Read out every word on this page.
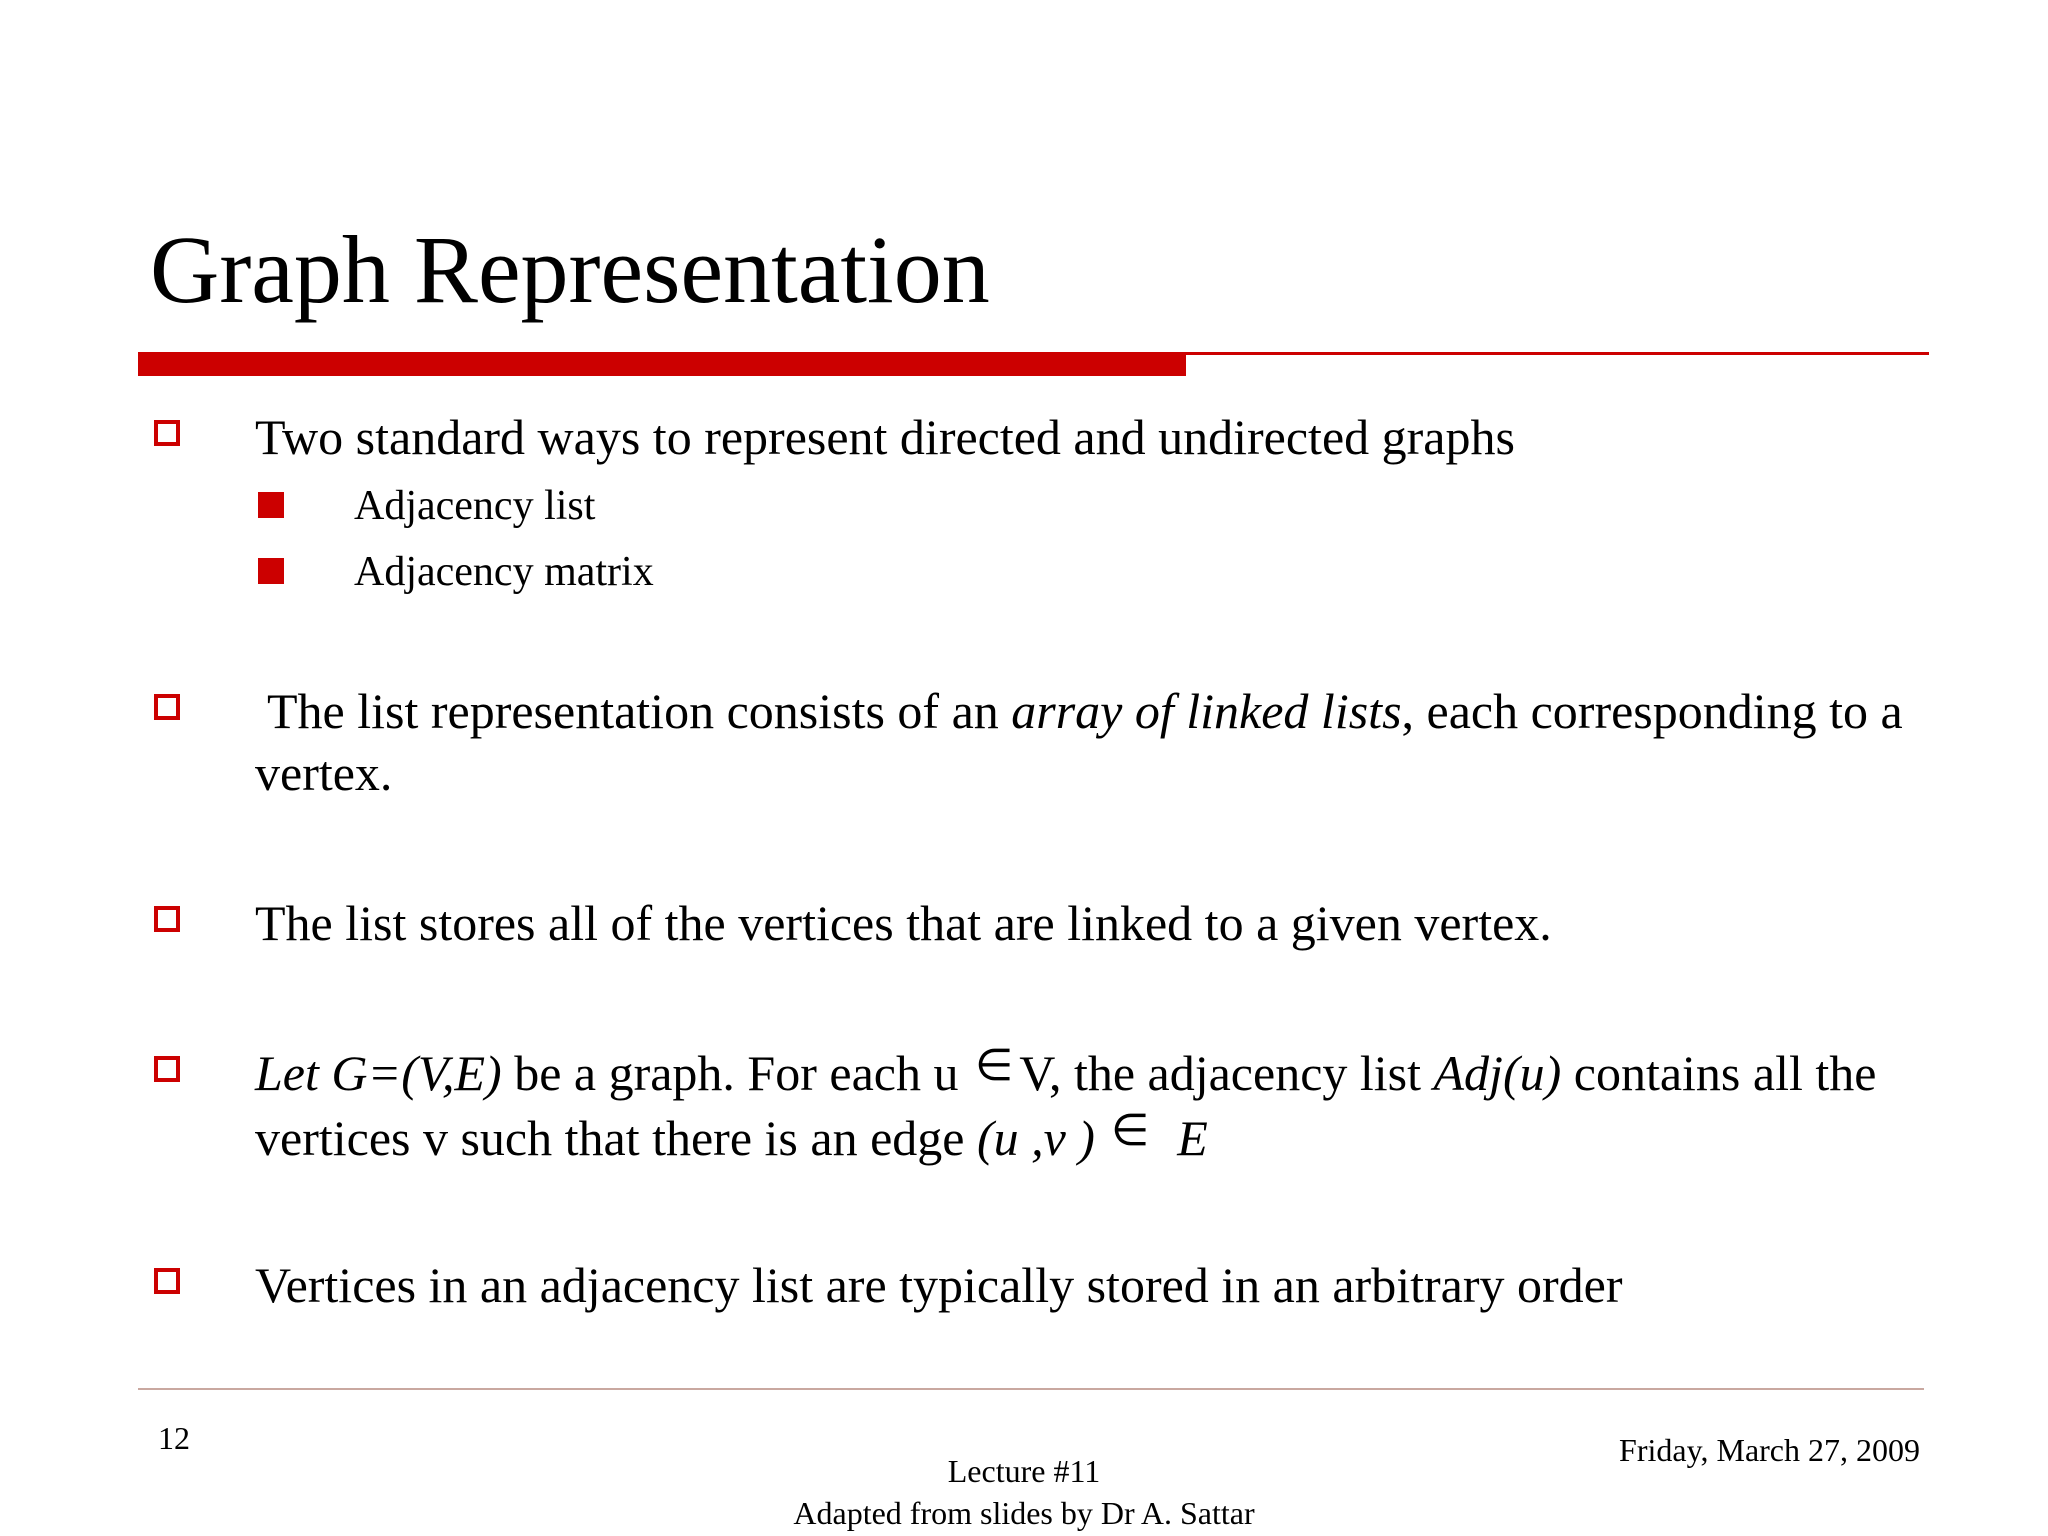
Graph Representation
Two standard ways to represent directed and undirected graphs
Adjacency list
Adjacency matrix
The list representation consists of an array of linked lists, each corresponding to a vertex.
The list stores all of the vertices that are linked to a given vertex.
Let G=(V,E) be a graph. For each u ∈ V, the adjacency list Adj(u) contains all the vertices v such that there is an edge (u ,v ) ∈ E
Vertices in an adjacency list are typically stored in an arbitrary order
12
Lecture #11
Adapted from slides by Dr A. Sattar
Friday, March 27, 2009
